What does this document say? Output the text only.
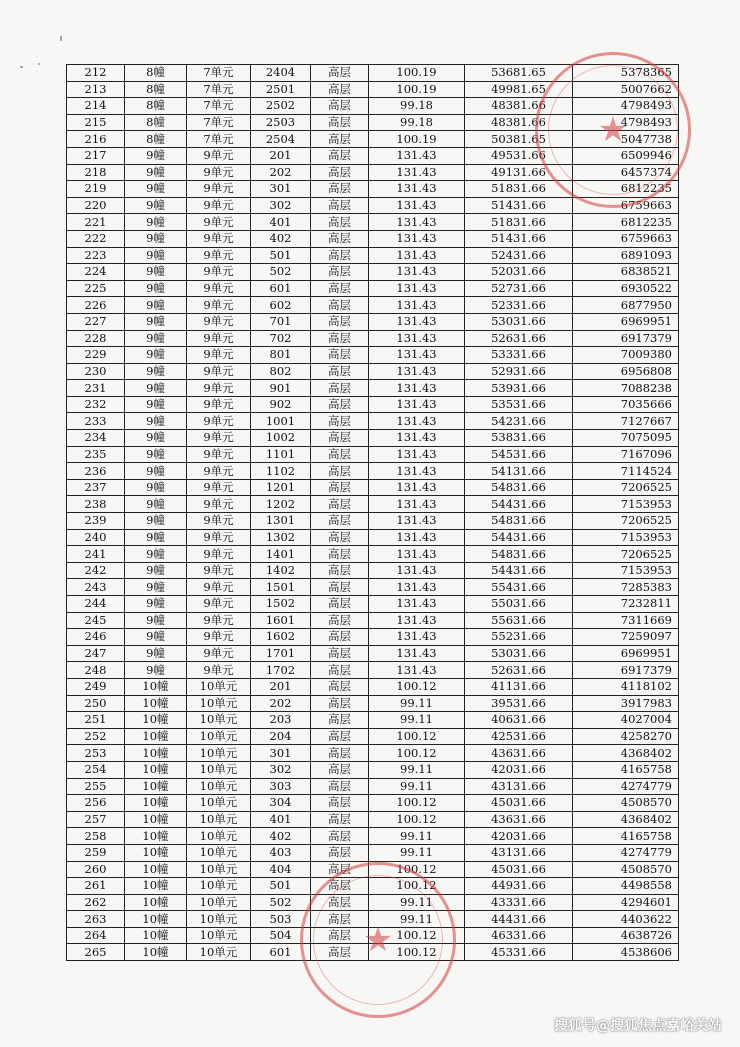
212	8幢	7单元	2404	高层	100.19	53681.65	5378365
213	8幢	7单元	2501	高层	100.19	49981.65	5007662
214	8幢	7单元	2502	高层	99.18	48381.66	4798493
215	8幢	7单元	2503	高层	99.18	48381.66	4798493
216	8幢	7单元	2504	高层	100.19	50381.65	5047738
217	9幢	9单元	201	高层	131.43	49531.66	6509946
218	9幢	9单元	202	高层	131.43	49131.66	6457374
219	9幢	9单元	301	高层	131.43	51831.66	6812235
220	9幢	9单元	302	高层	131.43	51431.66	6759663
221	9幢	9单元	401	高层	131.43	51831.66	6812235
222	9幢	9单元	402	高层	131.43	51431.66	6759663
223	9幢	9单元	501	高层	131.43	52431.66	6891093
224	9幢	9单元	502	高层	131.43	52031.66	6838521
225	9幢	9单元	601	高层	131.43	52731.66	6930522
226	9幢	9单元	602	高层	131.43	52331.66	6877950
227	9幢	9单元	701	高层	131.43	53031.66	6969951
228	9幢	9单元	702	高层	131.43	52631.66	6917379
229	9幢	9单元	801	高层	131.43	53331.66	7009380
230	9幢	9单元	802	高层	131.43	52931.66	6956808
231	9幢	9单元	901	高层	131.43	53931.66	7088238
232	9幢	9单元	902	高层	131.43	53531.66	7035666
233	9幢	9单元	1001	高层	131.43	54231.66	7127667
234	9幢	9单元	1002	高层	131.43	53831.66	7075095
235	9幢	9单元	1101	高层	131.43	54531.66	7167096
236	9幢	9单元	1102	高层	131.43	54131.66	7114524
237	9幢	9单元	1201	高层	131.43	54831.66	7206525
238	9幢	9单元	1202	高层	131.43	54431.66	7153953
239	9幢	9单元	1301	高层	131.43	54831.66	7206525
240	9幢	9单元	1302	高层	131.43	54431.66	7153953
241	9幢	9单元	1401	高层	131.43	54831.66	7206525
242	9幢	9单元	1402	高层	131.43	54431.66	7153953
243	9幢	9单元	1501	高层	131.43	55431.66	7285383
244	9幢	9单元	1502	高层	131.43	55031.66	7232811
245	9幢	9单元	1601	高层	131.43	55631.66	7311669
246	9幢	9单元	1602	高层	131.43	55231.66	7259097
247	9幢	9单元	1701	高层	131.43	53031.66	6969951
248	9幢	9单元	1702	高层	131.43	52631.66	6917379
249	10幢	10单元	201	高层	100.12	41131.66	4118102
250	10幢	10单元	202	高层	99.11	39531.66	3917983
251	10幢	10单元	203	高层	99.11	40631.66	4027004
252	10幢	10单元	204	高层	100.12	42531.66	4258270
253	10幢	10单元	301	高层	100.12	43631.66	4368402
254	10幢	10单元	302	高层	99.11	42031.66	4165758
255	10幢	10单元	303	高层	99.11	43131.66	4274779
256	10幢	10单元	304	高层	100.12	45031.66	4508570
257	10幢	10单元	401	高层	100.12	43631.66	4368402
258	10幢	10单元	402	高层	99.11	42031.66	4165758
259	10幢	10单元	403	高层	99.11	43131.66	4274779
260	10幢	10单元	404	高层	100.12	45031.66	4508570
261	10幢	10单元	501	高层	100.12	44931.66	4498558
262	10幢	10单元	502	高层	99.11	43331.66	4294601
263	10幢	10单元	503	高层	99.11	44431.66	4403622
264	10幢	10单元	504	高层	100.12	46331.66	4638726
265	10幢	10单元	601	高层	100.12	45331.66	4538606
★
★
搜狐号@搜狐焦点嘉峪关站
